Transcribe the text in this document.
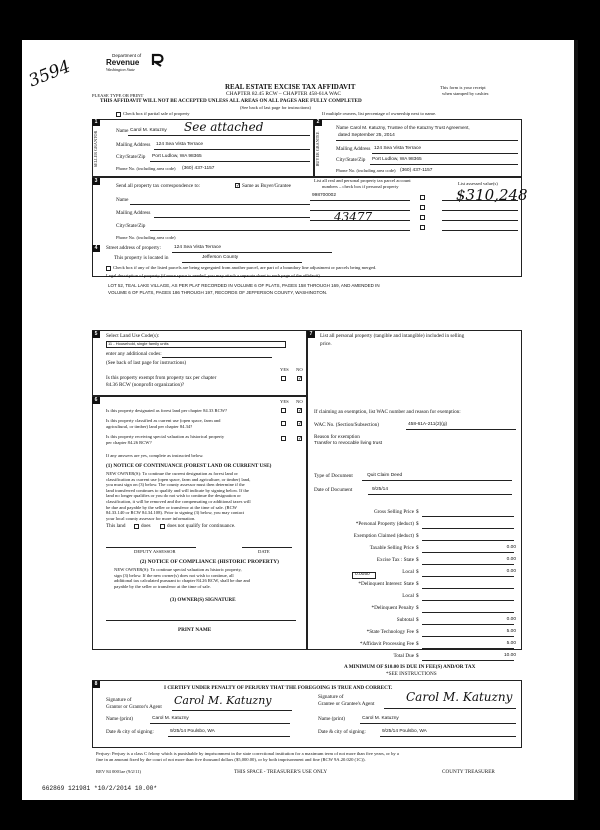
3594
Department of
Revenue
Washington State
REAL ESTATE EXCISE TAX AFFIDAVIT
CHAPTER 82.45 RCW – CHAPTER 458-61A WAC
THIS AFFIDAVIT WILL NOT BE ACCEPTED UNLESS ALL AREAS ON ALL PAGES ARE FULLY COMPLETED
(See back of last page for instructions)
PLEASE TYPE OR PRINT
This form is your receipt
when stamped by cashier.
Check box if partial sale of property	If multiple owners, list percentage of ownership next to name.
1	2
SELLER GRANTOR	BUYER GRANTEE
Name Carol M. Katuzny See attached
Mailing Address 124 Sea Vista Terrace
City/State/Zip Port Ludlow, WA 98365
Phone No. (including area code) (360) 437-1157
Name Carol M. Katuzny, Trustee of the Katuzny Trust Agreement,
dated September 25, 2014
Mailing Address 124 Sea Vista Terrace
City/State/Zip Port Ludlow, WA 98365
Phone No. (including area code) (360) 437-1157
3
Send all property tax correspondence to:	✓ Same as Buyer/Grantee
Name
Mailing Address
City/State/Zip
Phone No. (including area code)
List all real and personal property tax parcel account
numbers – check box if personal property
List assessed value(s)
998700002	$310,248
43477
4	Street address of property:	124 Sea Vista Terrace
This property is located in	Jefferson County
Check box if any of the listed parcels are being segregated from another parcel, are part of a boundary line adjustment or parcels being merged.
Legal description of property (if more space is needed, you may attach a separate sheet to each page of the affidavit)
LOT 52, TEAL LAKE VILLAGE, AS PER PLAT RECORDED IN VOLUME 6 OF PLATS, PAGES 158 THROUGH 169, AND AMENDED IN
VOLUME 6 OF PLATS, PAGES 186 THROUGH 197, RECORDS OF JEFFERSON COUNTY, WASHINGTON.
5	Select Land Use Code(s):
11 - Household, single family units
enter any additional codes:
(See back of last page for instructions)
YES NO
Is this property exempt from property tax per chapter
84.36 RCW (nonprofit organization)?
✓
6	YES NO
Is this property designated as forest land per chapter 84.33 RCW?	✓
Is this property classified as current use (open space, farm and
agricultural, or timber) land per chapter 84.34?	✓
Is this property receiving special valuation as historical property
per chapter 84.26 RCW?
✓
If any answers are yes, complete as instructed below.
(1) NOTICE OF CONTINUANCE (FOREST LAND OR CURRENT USE)
NEW OWNER(S): To continue the current designation as forest land or
classification as current use (open space, farm and agriculture, or timber) land,
you must sign on (3) below. The county assessor must then determine if the
land transferred continues to qualify and will indicate by signing below. If the
land no longer qualifies or you do not wish to continue the designation or
classification, it will be removed and the compensating or additional taxes will
be due and payable by the seller or transferor at the time of sale. (RCW
84.33.140 or RCW 84.34.108). Prior to signing (3) below, you may contact
your local county assessor for more information.
This land	does	does not qualify for continuance.
DEPUTY ASSESSOR	DATE
(2) NOTICE OF COMPLIANCE (HISTORIC PROPERTY)
NEW OWNER(S): To continue special valuation as historic property,
sign (3) below. If the new owner(s) does not wish to continue, all
additional tax calculated pursuant to chapter 84.26 RCW, shall be due and
payable by the seller or transferor at the time of sale.
(3) OWNER(S) SIGNATURE
PRINT NAME
7	List all personal property (tangible and intangible) included in selling
price.
If claiming an exemption, list WAC number and reason for exemption:
WAC No. (Section/Subsection)	458-61A-211(2)(g)
Reason for exemption
Transfer to revocable living trust
Type of Document	Quit Claim Deed
Date of Document	9/25/14
Gross Selling Price $
*Personal Property (deduct) $
Exemption Claimed (deduct) $
Taxable Selling Price $	0.00
Excise Tax : State $	0.00
Local $	0.00
*Delinquent Interest: State $
Local $
*Delinquent Penalty $
Subtotal $	0.00
*State Technology Fee $	5.00
*Affidavit Processing Fee $	5.00
Total Due $	10.00
0.0050
A MINIMUM OF $10.00 IS DUE IN FEE(S) AND/OR TAX
*SEE INSTRUCTIONS
8
I CERTIFY UNDER PENALTY OF PERJURY THAT THE FOREGOING IS TRUE AND CORRECT.
Signature of
Grantor or Grantor's Agent Carol M. Katuzny	Signature of
Grantee or Grantee's Agent	Carol M. Katuzny
Name (print)	Carol M. Katuzny	Name (print)	Carol M. Katuzny
Date & city of signing:	9/25/14 Poulsbo, WA	Date & city of signing:	9/25/14 Poulsbo, WA
Perjury: Perjury is a class C felony which is punishable by imprisonment in the state correctional institution for a maximum term of not more than five years, or by a
fine in an amount fixed by the court of not more than five thousand dollars ($5,000.00), or by both imprisonment and fine (RCW 9A.20.020 (1C)).
REV 84 0001ae (9/2/11)	THIS SPACE - TREASURER'S USE ONLY	COUNTY TREASURER
662869 121981 *10/2/2014 10.00*
